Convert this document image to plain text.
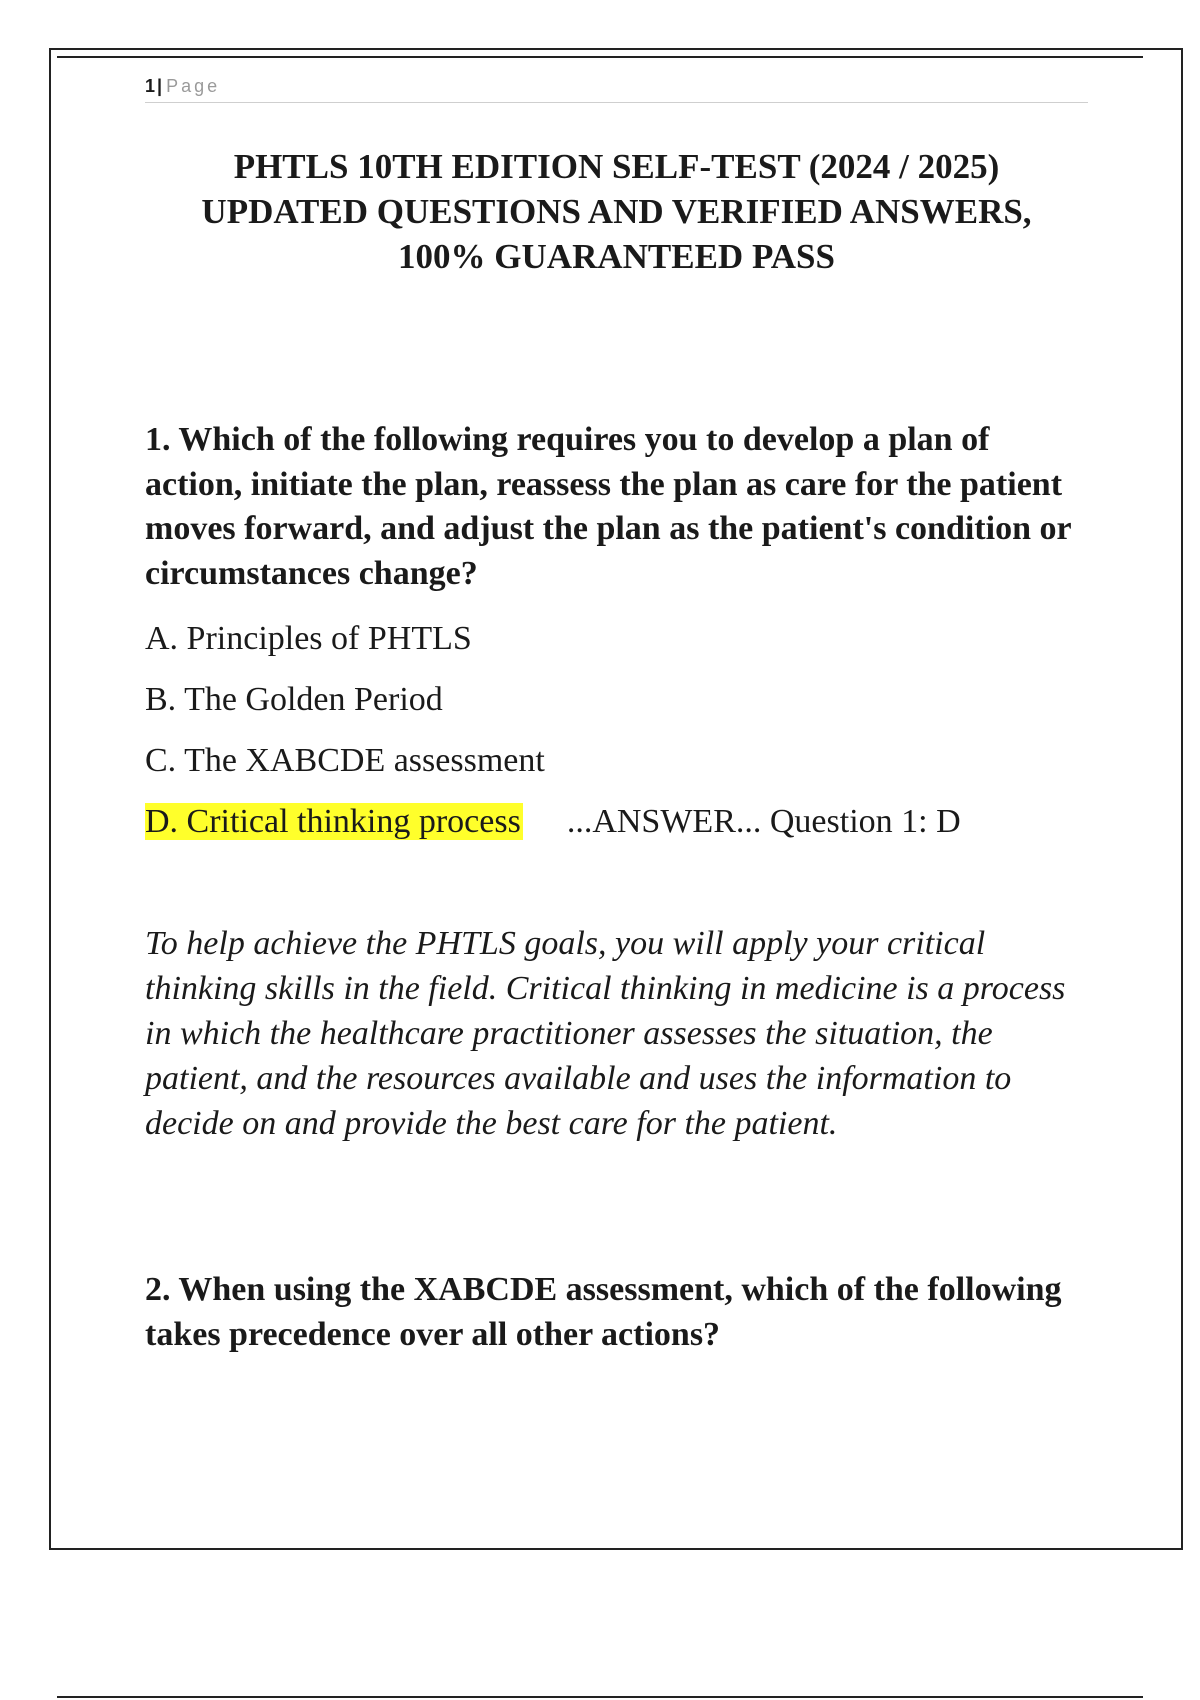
1 | Page
PHTLS 10TH EDITION SELF-TEST (2024 / 2025)
UPDATED QUESTIONS AND VERIFIED ANSWERS,
100% GUARANTEED PASS

1. Which of the following requires you to develop a plan of action, initiate the plan, reassess the plan as care for the patient moves forward, and adjust the plan as the patient's condition or circumstances change?

A. Principles of PHTLS

B. The Golden Period

C. The XABCDE assessment

D. Critical thinking process ...ANSWER... Question 1: D

To help achieve the PHTLS goals, you will apply your critical thinking skills in the field. Critical thinking in medicine is a process in which the healthcare practitioner assesses the situation, the patient, and the resources available and uses the information to decide on and provide the best care for the patient.

2. When using the XABCDE assessment, which of the following takes precedence over all other actions?
